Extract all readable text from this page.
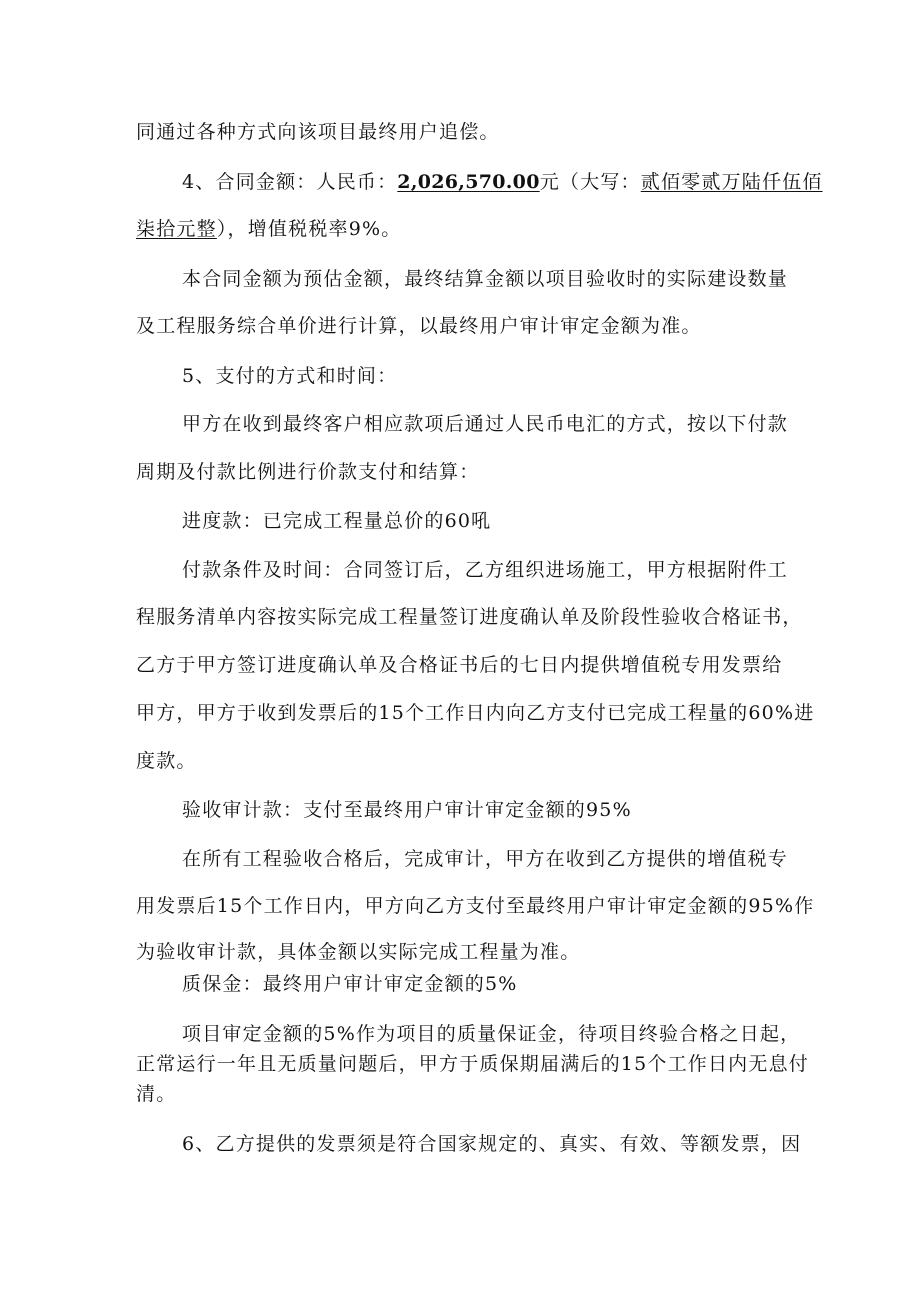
同通过各种方式向该项目最终用户追偿。
4、合同金额：人民币：2,026,570.00元（大写：贰佰零贰万陆仟伍佰
柒拾元整），增值税税率9%。
本合同金额为预估金额，最终结算金额以项目验收时的实际建设数量
及工程服务综合单价进行计算，以最终用户审计审定金额为准。
5、支付的方式和时间：
甲方在收到最终客户相应款项后通过人民币电汇的方式，按以下付款
周期及付款比例进行价款支付和结算：
进度款：已完成工程量总价的60吼
付款条件及时间：合同签订后，乙方组织进场施工，甲方根据附件工
程服务清单内容按实际完成工程量签订进度确认单及阶段性验收合格证书，
乙方于甲方签订进度确认单及合格证书后的七日内提供增值税专用发票给
甲方，甲方于收到发票后的15个工作日内向乙方支付已完成工程量的60%进
度款。
验收审计款：支付至最终用户审计审定金额的95%
在所有工程验收合格后，完成审计，甲方在收到乙方提供的增值税专
用发票后15个工作日内，甲方向乙方支付至最终用户审计审定金额的95%作
为验收审计款，具体金额以实际完成工程量为准。
质保金：最终用户审计审定金额的5%
项目审定金额的5%作为项目的质量保证金，待项目终验合格之日起，
正常运行一年且无质量问题后，甲方于质保期届满后的15个工作日内无息付
清。
6、乙方提供的发票须是符合国家规定的、真实、有效、等额发票，因
